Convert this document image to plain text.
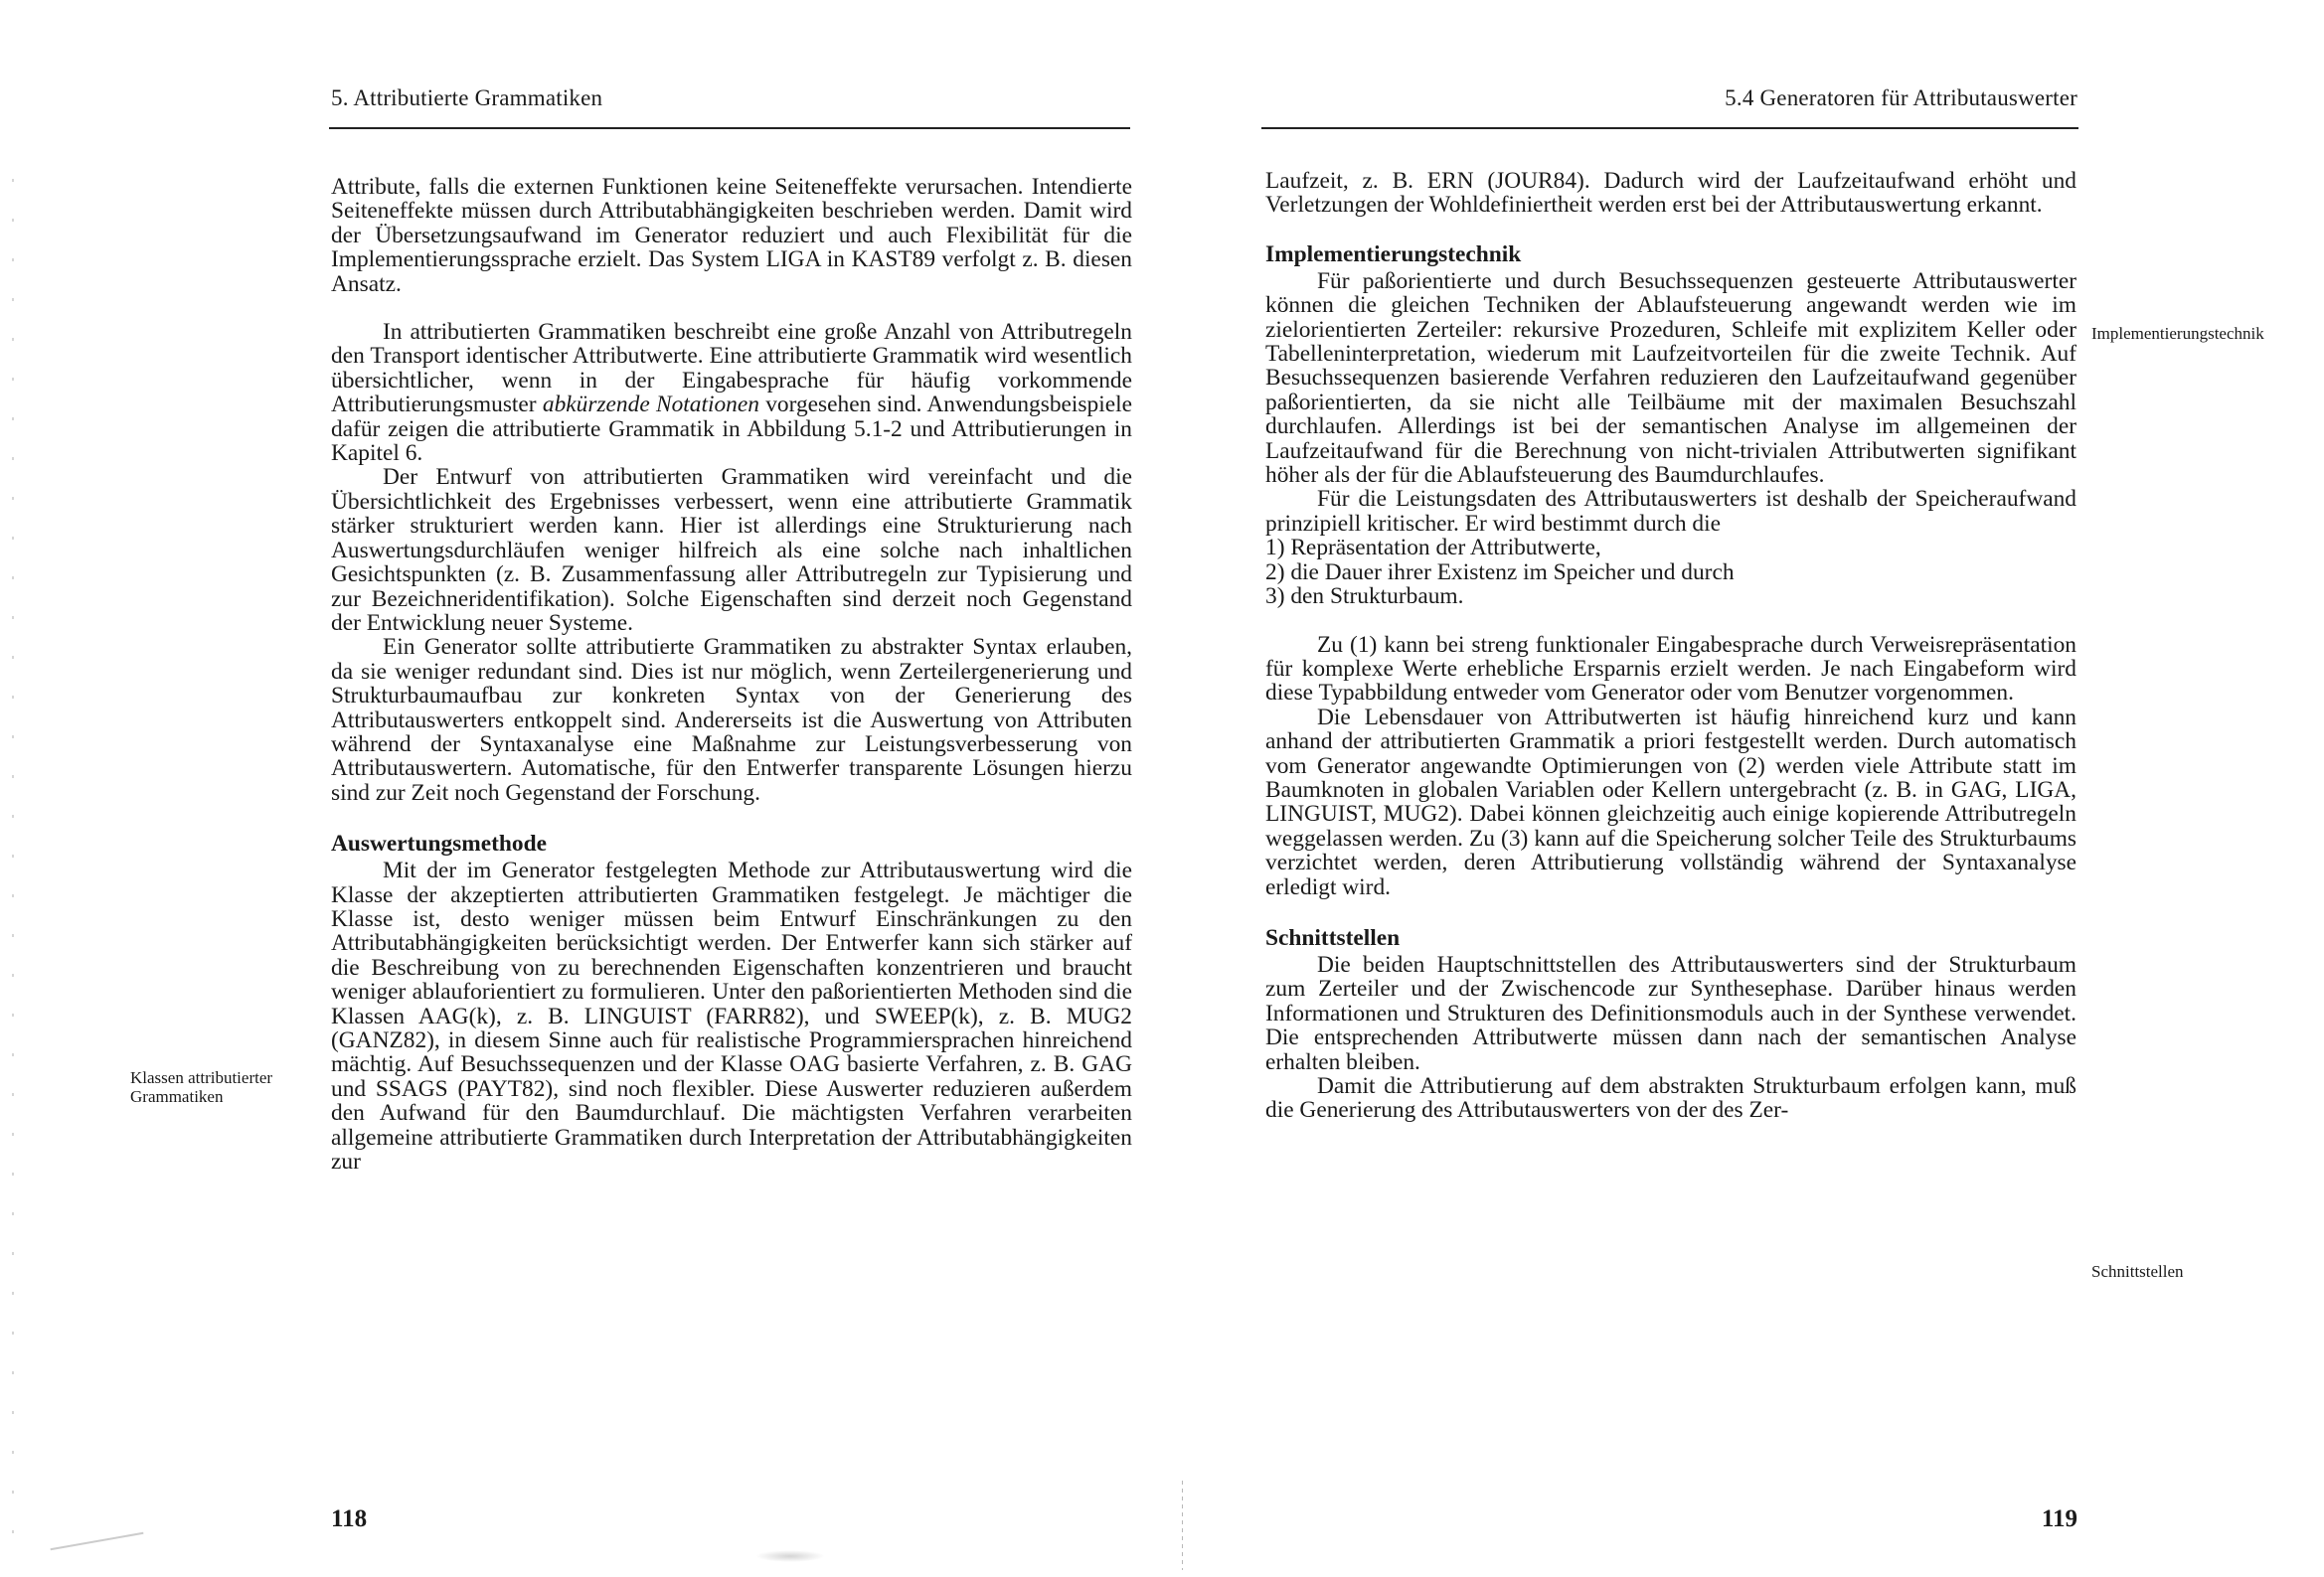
5. Attributierte Grammatiken

Attribute, falls die externen Funktionen keine Seiteneffekte verursachen. Intendierte Seiteneffekte müssen durch Attributabhängigkeiten beschrieben werden. Damit wird der Übersetzungsaufwand im Generator reduziert und auch Flexibilität für die Implementierungssprache erzielt. Das System LIGA in KAST89 verfolgt z. B. diesen Ansatz.

In attributierten Grammatiken beschreibt eine große Anzahl von Attributregeln den Transport identischer Attributwerte. Eine attributierte Grammatik wird wesentlich übersichtlicher, wenn in der Eingabesprache für häufig vorkommende Attributierungsmuster abkürzende Notationen vorgesehen sind. Anwendungsbeispiele dafür zeigen die attributierte Grammatik in Abbildung 5.1-2 und Attributierungen in Kapitel 6.

Der Entwurf von attributierten Grammatiken wird vereinfacht und die Übersichtlichkeit des Ergebnisses verbessert, wenn eine attributierte Grammatik stärker strukturiert werden kann. Hier ist allerdings eine Strukturierung nach Auswertungsdurchläufen weniger hilfreich als eine solche nach inhaltlichen Gesichtspunkten (z. B. Zusammenfassung aller Attributregeln zur Typisierung und zur Bezeichneridentifikation). Solche Eigenschaften sind derzeit noch Gegenstand der Entwicklung neuer Systeme.

Ein Generator sollte attributierte Grammatiken zu abstrakter Syntax erlauben, da sie weniger redundant sind. Dies ist nur möglich, wenn Zerteilergenerierung und Strukturbaumaufbau zur konkreten Syntax von der Generierung des Attributauswerters entkoppelt sind. Andererseits ist die Auswertung von Attributen während der Syntaxanalyse eine Maßnahme zur Leistungsverbesserung von Attributauswertern. Automatische, für den Entwerfer transparente Lösungen hierzu sind zur Zeit noch Gegenstand der Forschung.

Auswertungsmethode

Mit der im Generator festgelegten Methode zur Attributauswertung wird die Klasse der akzeptierten attributierten Grammatiken festgelegt. Je mächtiger die Klasse ist, desto weniger müssen beim Entwurf Einschränkungen zu den Attributabhängigkeiten berücksichtigt werden. Der Entwerfer kann sich stärker auf die Beschreibung von zu berechnenden Eigenschaften konzentrieren und braucht weniger ablauforientiert zu formulieren. Unter den paßorientierten Methoden sind die Klassen AAG(k), z. B. LINGUIST (FARR82), und SWEEP(k), z. B. MUG2 (GANZ82), in diesem Sinne auch für realistische Programmiersprachen hinreichend mächtig. Auf Besuchssequenzen und der Klasse OAG basierte Verfahren, z. B. GAG und SSAGS (PAYT82), sind noch flexibler. Diese Auswerter reduzieren außerdem den Aufwand für den Baumdurchlauf. Die mächtigsten Verfahren verarbeiten allgemeine attributierte Grammatiken durch Interpretation der Attributabhängigkeiten zur

Klassen attributierter Grammatiken
118
5.4 Generatoren für Attributauswerter

Laufzeit, z. B. ERN (JOUR84). Dadurch wird der Laufzeitaufwand erhöht und Verletzungen der Wohldefiniertheit werden erst bei der Attributauswertung erkannt.

Implementierungstechnik

Für paßorientierte und durch Besuchssequenzen gesteuerte Attributauswerter können die gleichen Techniken der Ablaufsteuerung angewandt werden wie im zielorientierten Zerteiler: rekursive Prozeduren, Schleife mit explizitem Keller oder Tabelleninterpretation, wiederum mit Laufzeitvorteilen für die zweite Technik. Auf Besuchssequenzen basierende Verfahren reduzieren den Laufzeitaufwand gegenüber paßorientierten, da sie nicht alle Teilbäume mit der maximalen Besuchszahl durchlaufen. Allerdings ist bei der semantischen Analyse im allgemeinen der Laufzeitaufwand für die Berechnung von nicht-trivialen Attributwerten signifikant höher als der für die Ablaufsteuerung des Baumdurchlaufes.

Für die Leistungsdaten des Attributauswerters ist deshalb der Speicheraufwand prinzipiell kritischer. Er wird bestimmt durch die

1) Repräsentation der Attributwerte,

2) die Dauer ihrer Existenz im Speicher und durch

3) den Strukturbaum.

Zu (1) kann bei streng funktionaler Eingabesprache durch Verweisrepräsentation für komplexe Werte erhebliche Ersparnis erzielt werden. Je nach Eingabeform wird diese Typabbildung entweder vom Generator oder vom Benutzer vorgenommen.

Die Lebensdauer von Attributwerten ist häufig hinreichend kurz und kann anhand der attributierten Grammatik a priori festgestellt werden. Durch automatisch vom Generator angewandte Optimierungen von (2) werden viele Attribute statt im Baumknoten in globalen Variablen oder Kellern untergebracht (z. B. in GAG, LIGA, LINGUIST, MUG2). Dabei können gleichzeitig auch einige kopierende Attributregeln weggelassen werden. Zu (3) kann auf die Speicherung solcher Teile des Strukturbaums verzichtet werden, deren Attributierung vollständig während der Syntaxanalyse erledigt wird.

Schnittstellen

Die beiden Hauptschnittstellen des Attributauswerters sind der Strukturbaum zum Zerteiler und der Zwischencode zur Synthesephase. Darüber hinaus werden Informationen und Strukturen des Definitionsmoduls auch in der Synthese verwendet. Die entsprechenden Attributwerte müssen dann nach der semantischen Analyse erhalten bleiben.

Damit die Attributierung auf dem abstrakten Strukturbaum erfolgen kann, muß die Generierung des Attributauswerters von der des Zer-

Implementierungstechnik
Schnittstellen
119
